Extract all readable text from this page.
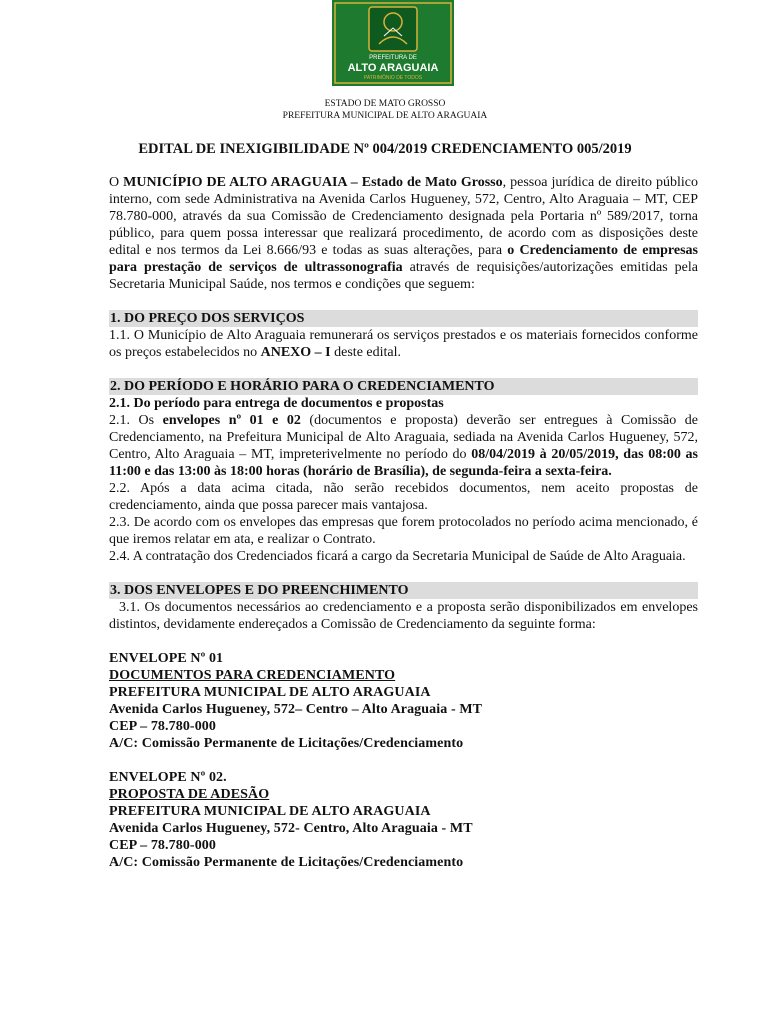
PREFEITURA DE
ALTO ARAGUAIA
PATRIMÔNIO DE TODOS
ESTADO DE MATO GROSSO
PREFEITURA MUNICIPAL DE ALTO ARAGUAIA
EDITAL DE INEXIGIBILIDADE Nº 004/2019 CREDENCIAMENTO 005/2019

O MUNICÍPIO DE ALTO ARAGUAIA – Estado de Mato Grosso, pessoa jurídica de direito público interno, com sede Administrativa na Avenida Carlos Hugueney, 572, Centro, Alto Araguaia – MT, CEP 78.780-000, através da sua Comissão de Credenciamento designada pela Portaria nº 589/2017, torna público, para quem possa interessar que realizará procedimento, de acordo com as disposições deste edital e nos termos da Lei 8.666/93 e todas as suas alterações, para o Credenciamento de empresas para prestação de serviços de ultrassonografia através de requisições/autorizações emitidas pela Secretaria Municipal Saúde, nos termos e condições que seguem:

1. DO PREÇO DOS SERVIÇOS

1.1. O Município de Alto Araguaia remunerará os serviços prestados e os materiais fornecidos conforme os preços estabelecidos no ANEXO – I deste edital.

2. DO PERÍODO E HORÁRIO PARA O CREDENCIAMENTO

2.1. Do período para entrega de documentos e propostas

2.1. Os envelopes nº 01 e 02 (documentos e proposta) deverão ser entregues à Comissão de Credenciamento, na Prefeitura Municipal de Alto Araguaia, sediada na Avenida Carlos Hugueney, 572, Centro, Alto Araguaia – MT, impreterivelmente no período do 08/04/2019 à 20/05/2019, das 08:00 as 11:00 e das 13:00 às 18:00 horas (horário de Brasília), de segunda-feira a sexta-feira.

2.2. Após a data acima citada, não serão recebidos documentos, nem aceito propostas de credenciamento, ainda que possa parecer mais vantajosa.

2.3. De acordo com os envelopes das empresas que forem protocolados no período acima mencionado, é que iremos relatar em ata, e realizar o Contrato.

2.4. A contratação dos Credenciados ficará a cargo da Secretaria Municipal de Saúde de Alto Araguaia.

3. DOS ENVELOPES E DO PREENCHIMENTO

3.1. Os documentos necessários ao credenciamento e a proposta serão disponibilizados em envelopes distintos, devidamente endereçados a Comissão de Credenciamento da seguinte forma:

ENVELOPE Nº 01
DOCUMENTOS PARA CREDENCIAMENTO
PREFEITURA MUNICIPAL DE ALTO ARAGUAIA
Avenida Carlos Hugueney, 572– Centro – Alto Araguaia - MT
CEP – 78.780-000
A/C: Comissão Permanente de Licitações/Credenciamento
ENVELOPE Nº 02.
PROPOSTA DE ADESÃO
PREFEITURA MUNICIPAL DE ALTO ARAGUAIA
Avenida Carlos Hugueney, 572- Centro, Alto Araguaia - MT
CEP – 78.780-000
A/C: Comissão Permanente de Licitações/Credenciamento
